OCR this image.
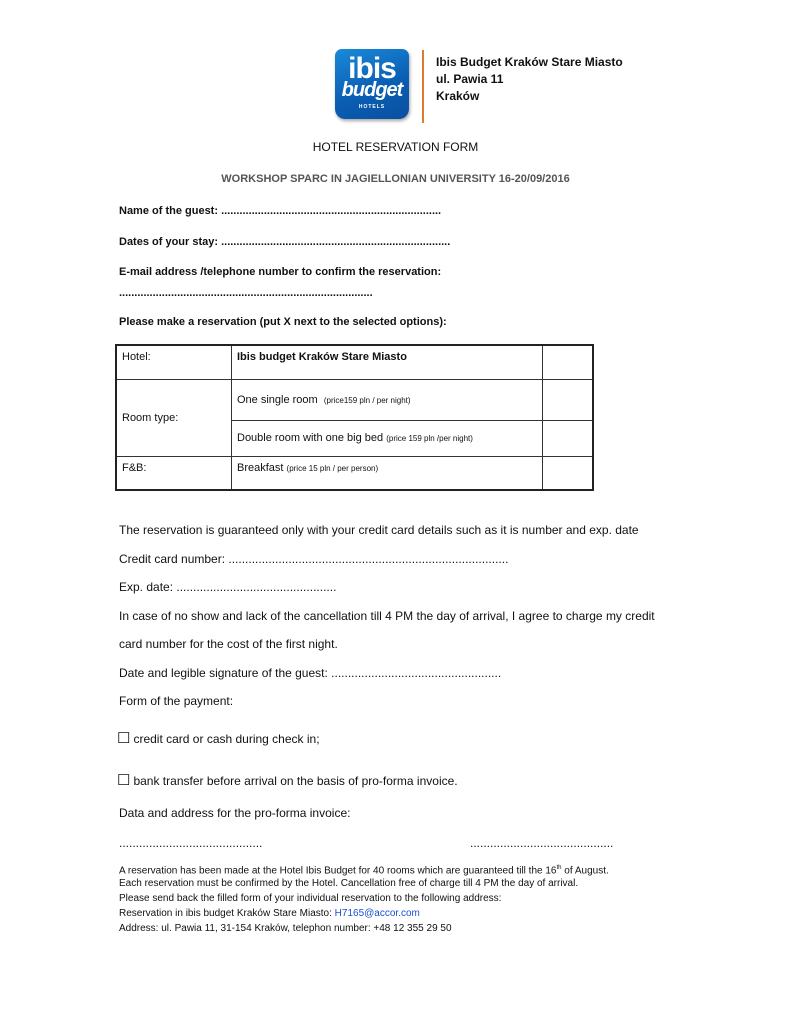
ibis
budget
HOTELS
Ibis Budget Kraków Stare Miasto
ul. Pawia 11
Kraków
HOTEL RESERVATION FORM
WORKSHOP SPARC IN JAGIELLONIAN UNIVERSITY 16-20/09/2016
Name of the guest: ........................................................................
Dates of your stay: ...........................................................................
E-mail address /telephone number to confirm the reservation:
...................................................................................
Please make a reservation (put X next to the selected options):
Hotel:	Ibis budget Kraków Stare Miasto	
Room type:	One single room (price159 pln / per night)	
	Double room with one big bed (price 159 pln /per night)	
F&B:	Breakfast (price 15 pln / per person)	
The reservation is guaranteed only with your credit card details such as it is number and exp. date
Credit card number: ....................................................................................
Exp. date: ................................................
In case of no show and lack of the cancellation till 4 PM the day of arrival, I agree to charge my credit
card number for the cost of the first night.
Date and legible signature of the guest: ...................................................
Form of the payment:
☐ credit card or cash during check in;
☐ bank transfer before arrival on the basis of pro-forma invoice.
Data and address for the pro-forma invoice:
...........................................	...........................................
A reservation has been made at the Hotel Ibis Budget for 40 rooms which are guaranteed till the 16th of August.
Each reservation must be confirmed by the Hotel. Cancellation free of charge till 4 PM the day of arrival.
Please send back the filled form of your individual reservation to the following address:
Reservation in ibis budget Kraków Stare Miasto: H7165@accor.com
Address: ul. Pawia 11, 31-154 Kraków, telephon number: +48 12 355 29 50
